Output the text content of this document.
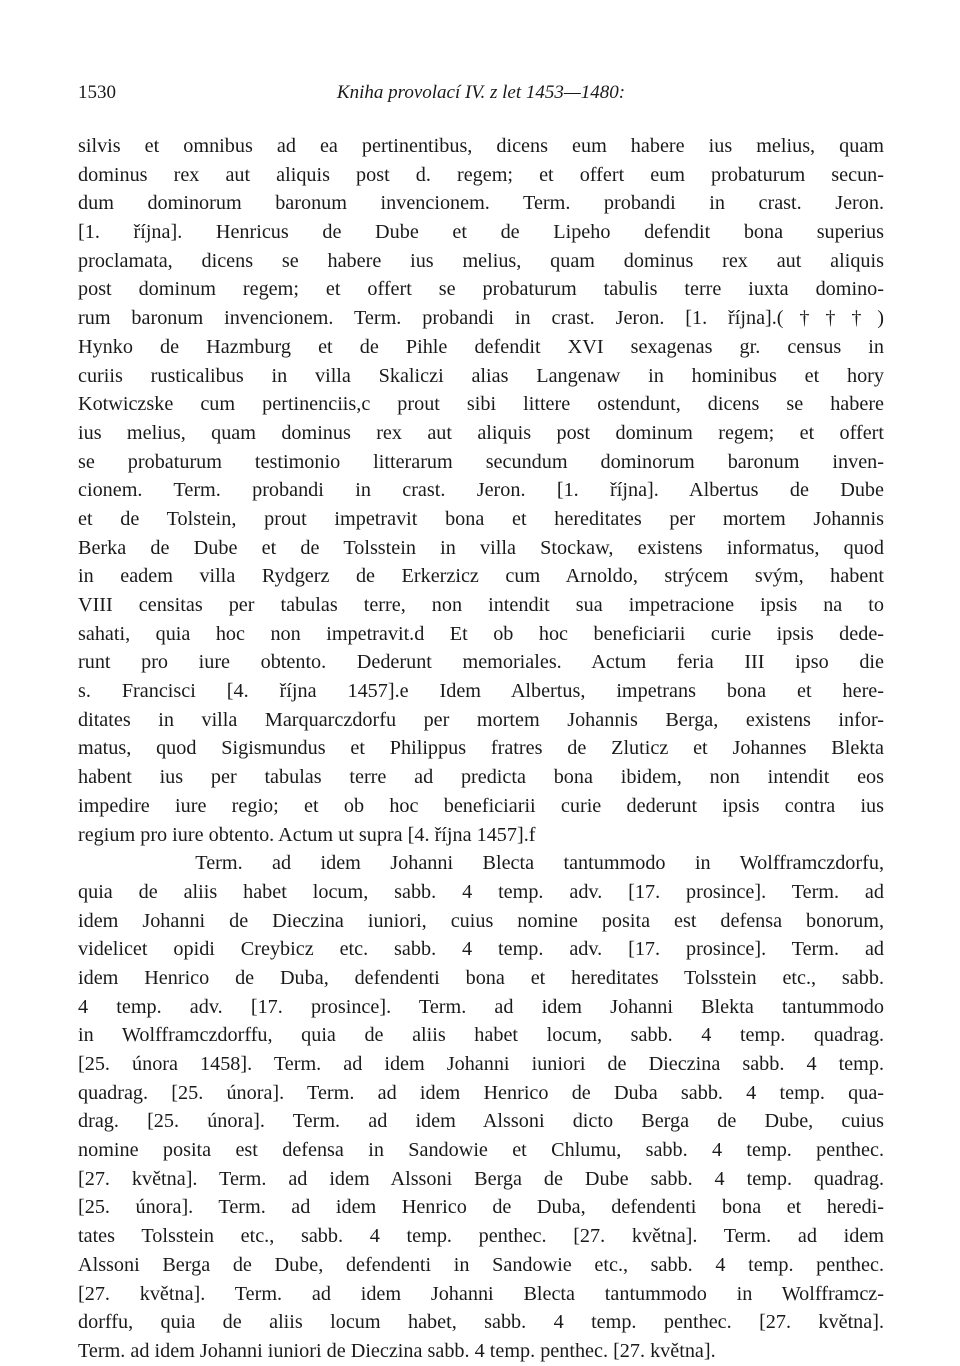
1530	Kniha provolací IV. z let 1453—1480:
silvis et omnibus ad ea pertinentibus, dicens eum habere ius melius, quam
dominus rex aut aliquis post d. regem; et offert eum probaturum secun-
dum dominorum baronum invencionem. Term. probandi in crast. Jeron.
[1. října]. Henricus de Dube et de Lipeho defendit bona superius
proclamata, dicens se habere ius melius, quam dominus rex aut aliquis
post dominum regem; et offert se probaturum tabulis terre iuxta domino-
rum baronum invencionem. Term. probandi in crast. Jeron. [1. října].(†††)
Hynko de Hazmburg et de Pihle defendit XVI sexagenas gr. census in
curiis rusticalibus in villa Skaliczi alias Langenaw in hominibus et hory
Kotwiczske cum pertinenciis,c prout sibi littere ostendunt, dicens se habere
ius melius, quam dominus rex aut aliquis post dominum regem; et offert
se probaturum testimonio litterarum secundum dominorum baronum inven-
cionem. Term. probandi in crast. Jeron. [1. října]. Albertus de Dube
et de Tolstein, prout impetravit bona et hereditates per mortem Johannis
Berka de Dube et de Tolsstein in villa Stockaw, existens informatus, quod
in eadem villa Rydgerz de Erkerzicz cum Arnoldo, strýcem svým, habent
VIII censitas per tabulas terre, non intendit sua impetracione ipsis na to
sahati, quia hoc non impetravit.d Et ob hoc beneficiarii curie ipsis dede-
runt pro iure obtento. Dederunt memoriales. Actum feria III ipso die
s. Francisci [4. října 1457].e Idem Albertus, impetrans bona et here-
ditates in villa Marquarczdorfu per mortem Johannis Berga, existens infor-
matus, quod Sigismundus et Philippus fratres de Zluticz et Johannes Blekta
habent ius per tabulas terre ad predicta bona ibidem, non intendit eos
impedire iure regio; et ob hoc beneficiarii curie dederunt ipsis contra ius
regium pro iure obtento. Actum ut supra [4. října 1457].f
Term. ad idem Johanni Blecta tantummodo in Wolfframczdorfu,
quia de aliis habet locum, sabb. 4 temp. adv. [17. prosince]. Term. ad
idem Johanni de Dieczina iuniori, cuius nomine posita est defensa bonorum,
videlicet opidi Creybicz etc. sabb. 4 temp. adv. [17. prosince]. Term. ad
idem Henrico de Duba, defendenti bona et hereditates Tolsstein etc., sabb.
4 temp. adv. [17. prosince]. Term. ad idem Johanni Blekta tantummodo
in Wolfframczdorffu, quia de aliis habet locum, sabb. 4 temp. quadrag.
[25. února 1458]. Term. ad idem Johanni iuniori de Dieczina sabb. 4 temp.
quadrag. [25. února]. Term. ad idem Henrico de Duba sabb. 4 temp. qua-
drag. [25. února]. Term. ad idem Alssoni dicto Berga de Dube, cuius
nomine posita est defensa in Sandowie et Chlumu, sabb. 4 temp. penthec.
[27. května]. Term. ad idem Alssoni Berga de Dube sabb. 4 temp. quadrag.
[25. února]. Term. ad idem Henrico de Duba, defendenti bona et heredi-
tates Tolsstein etc., sabb. 4 temp. penthec. [27. května]. Term. ad idem
Alssoni Berga de Dube, defendenti in Sandowie etc., sabb. 4 temp. penthec.
[27. května]. Term. ad idem Johanni Blecta tantummodo in Wolfframcz-
dorffu, quia de aliis locum habet, sabb. 4 temp. penthec. [27. května].
Term. ad idem Johanni iuniori de Dieczina sabb. 4 temp. penthec. [27. května].
